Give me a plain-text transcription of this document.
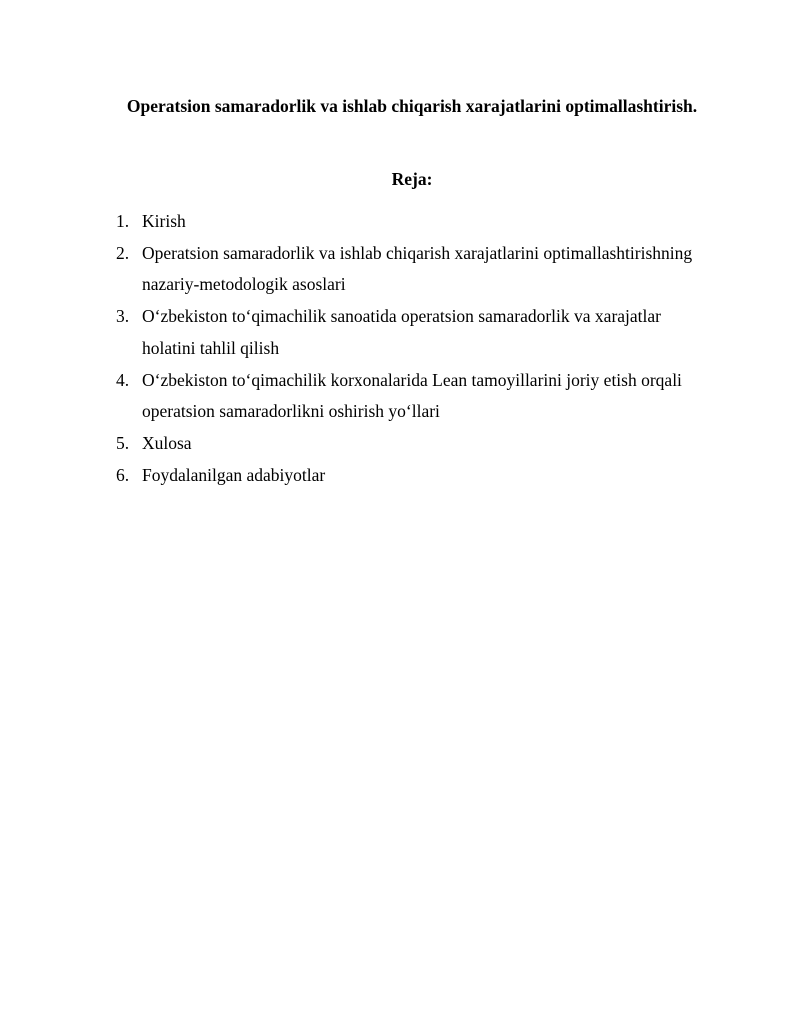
Operatsion samaradorlik va ishlab chiqarish xarajatlarini optimallashtirish.
Reja:
1. Kirish
2. Operatsion samaradorlik va ishlab chiqarish xarajatlarini optimallashtirishning nazariy-metodologik asoslari
3. O‘zbekiston to‘qimachilik sanoatida operatsion samaradorlik va xarajatlar holatini tahlil qilish
4. O‘zbekiston to‘qimachilik korxonalarida Lean tamoyillarini joriy etish orqali operatsion samaradorlikni oshirish yo‘llari
5. Xulosa
6. Foydalanilgan adabiyotlar
